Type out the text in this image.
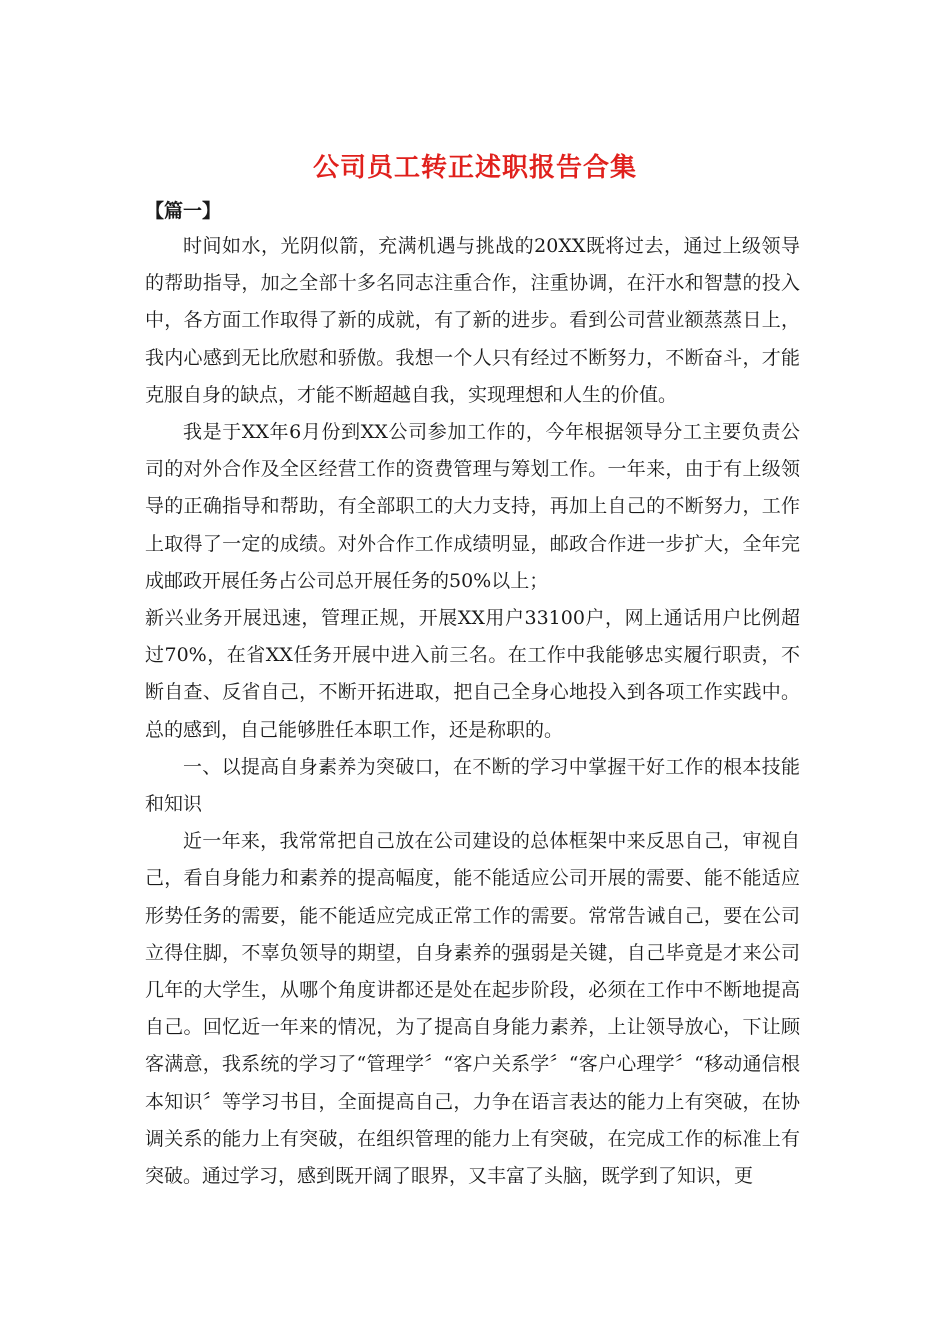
公司员工转正述职报告合集
【篇一】

时间如水，光阴似箭，充满机遇与挑战的20XX既将过去，通过上级领导的帮助指导，加之全部十多名同志注重合作，注重协调，在汗水和智慧的投入中，各方面工作取得了新的成就，有了新的进步。看到公司营业额蒸蒸日上，我内心感到无比欣慰和骄傲。我想一个人只有经过不断努力，不断奋斗，才能克服自身的缺点，才能不断超越自我，实现理想和人生的价值。

我是于XX年6月份到XX公司参加工作的，今年根据领导分工主要负责公司的对外合作及全区经营工作的资费管理与筹划工作。一年来，由于有上级领导的正确指导和帮助，有全部职工的大力支持，再加上自己的不断努力，工作上取得了一定的成绩。对外合作工作成绩明显，邮政合作进一步扩大，全年完成邮政开展任务占公司总开展任务的50%以上；

新兴业务开展迅速，管理正规，开展XX用户33100户，网上通话用户比例超过70%，在省XX任务开展中进入前三名。在工作中我能够忠实履行职责，不断自查、反省自己，不断开拓进取，把自己全身心地投入到各项工作实践中。总的感到，自己能够胜任本职工作，还是称职的。

一、以提高自身素养为突破口，在不断的学习中掌握干好工作的根本技能和知识

近一年来，我常常把自己放在公司建设的总体框架中来反思自己，审视自己，看自身能力和素养的提高幅度，能不能适应公司开展的需要、能不能适应形势任务的需要，能不能适应完成正常工作的需要。常常告诫自己，要在公司立得住脚，不辜负领导的期望，自身素养的强弱是关键，自己毕竟是才来公司几年的大学生，从哪个角度讲都还是处在起步阶段，必须在工作中不断地提高自己。回忆近一年来的情况，为了提高自身能力素养，上让领导放心，下让顾客满意，我系统的学习了“管理学〞“客户关系学〞“客户心理学〞“移动通信根本知识〞等学习书目，全面提高自己，力争在语言表达的能力上有突破，在协调关系的能力上有突破，在组织管理的能力上有突破，在完成工作的标准上有突破。通过学习，感到既开阔了眼界，又丰富了头脑，既学到了知识，更
